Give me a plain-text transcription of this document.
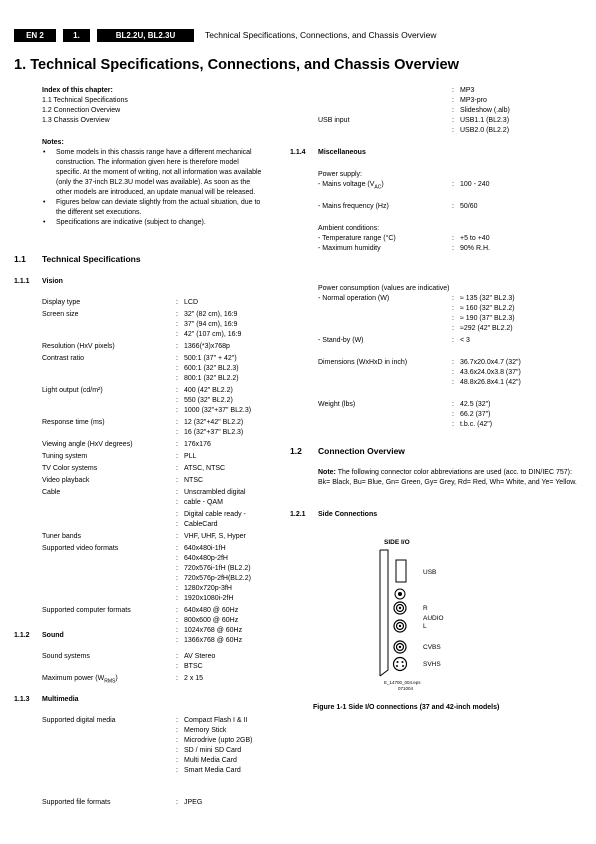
EN 2	1.	BL2.2U, BL2.3U	Technical Specifications, Connections, and Chassis Overview
1. Technical Specifications, Connections, and Chassis Overview
Index of this chapter:
1.1 Technical Specifications
1.2 Connection Overview
1.3 Chassis Overview
Notes:
• Some models in this chassis range have a different mechanical construction. The information given here is therefore model specific. At the moment of writing, not all information was available (only the 37-inch BL2.3U model was available). As soon as the other models are introduced, an update manual will be released.
• Figures below can deviate slightly from the actual situation, due to the different set executions.
• Specifications are indicative (subject to change).
1.1 Technical Specifications
1.1.1 Vision
Display type	: LCD
Screen size	: 32" (82 cm), 16:9
: 37" (94 cm), 16:9
: 42" (107 cm), 16:9
Resolution (HxV pixels)	: 1366(*3)x768p
Contrast ratio	: 500:1 (37" + 42")
: 600:1 (32" BL2.3)
: 800:1 (32" BL2.2)
Light output (cd/m²)	: 400 (42" BL2.2)
: 550 (32" BL2.2)
: 1000 (32"+37" BL2.3)
Response time (ms)	: 12 (32"+42" BL2.2)
: 16 (32"+37" BL2.3)
Viewing angle (HxV degrees)	: 176x176
Tuning system	: PLL
TV Color systems	: ATSC, NTSC
Video playback	: NTSC
Cable	: Unscrambled digital
: cable - QAM
: Digital cable ready -
: CableCard
Tuner bands	: VHF, UHF, S, Hyper
Supported video formats	: 640x480i-1fH
: 640x480p-2fH
: 720x576i-1fH (BL2.2)
: 720x576p-2fH(BL2.2)
: 1280x720p-3fH
: 1920x1080i-2fH
Supported computer formats	: 640x480 @ 60Hz
: 800x600 @ 60Hz
: 1024x768 @ 60Hz
: 1366x768 @ 60Hz
1.1.2 Sound
Sound systems	: AV Stereo
: BTSC
Maximum power $(W_{RMS})$	: 2 x 15
1.1.3 Multimedia
Supported digital media	: Compact Flash I & II
: Memory Stick
: Microdrive (upto 2GB)
: SD / mini SD Card
: Multi Media Card
: Smart Media Card
Supported file formats	: JPEG
: MP3
: MP3-pro
: Slideshow (.alb)
USB input	: USB1.1 (BL2.3)
: USB2.0 (BL2.2)
1.1.4 Miscellaneous
Power supply:
- Mains voltage $(V_{AC})$	: 100 - 240
- Mains frequency (Hz)	: 50/60
Ambient conditions:
- Temperature range (°C)	: +5 to +40
- Maximum humidity	: 90% R.H.
Power consumption (values are indicative)
- Normal operation (W)	: ≈ 135 (32" BL2.3)
: ≈ 160 (32" BL2.2)
: ≈ 190 (37" BL2.3)
: ≈292 (42" BL2.2)
- Stand-by (W)	: < 3
Dimensions (WxHxD in inch)	: 36.7x20.0x4.7 (32")
: 43.6x24.0x3.8 (37")
: 48.8x26.8x4.1 (42")
Weight (lbs)	: 42.5 (32")
: 66.2 (37")
: t.b.c. (42")
1.2 Connection Overview
Note: The following connector color abbreviations are used (acc. to DIN/IEC 757): Bk= Black, Bu= Blue, Gn= Green, Gy= Grey, Rd= Red, Wh= White, and Ye= Yellow.
1.2.1 Side Connections
SIDE I/O
USB
R
AUDIO
L
CVBS
SVHS
E_14700_004.eps
071004
Figure 1-1 Side I/O connections (37 and 42-inch models)
